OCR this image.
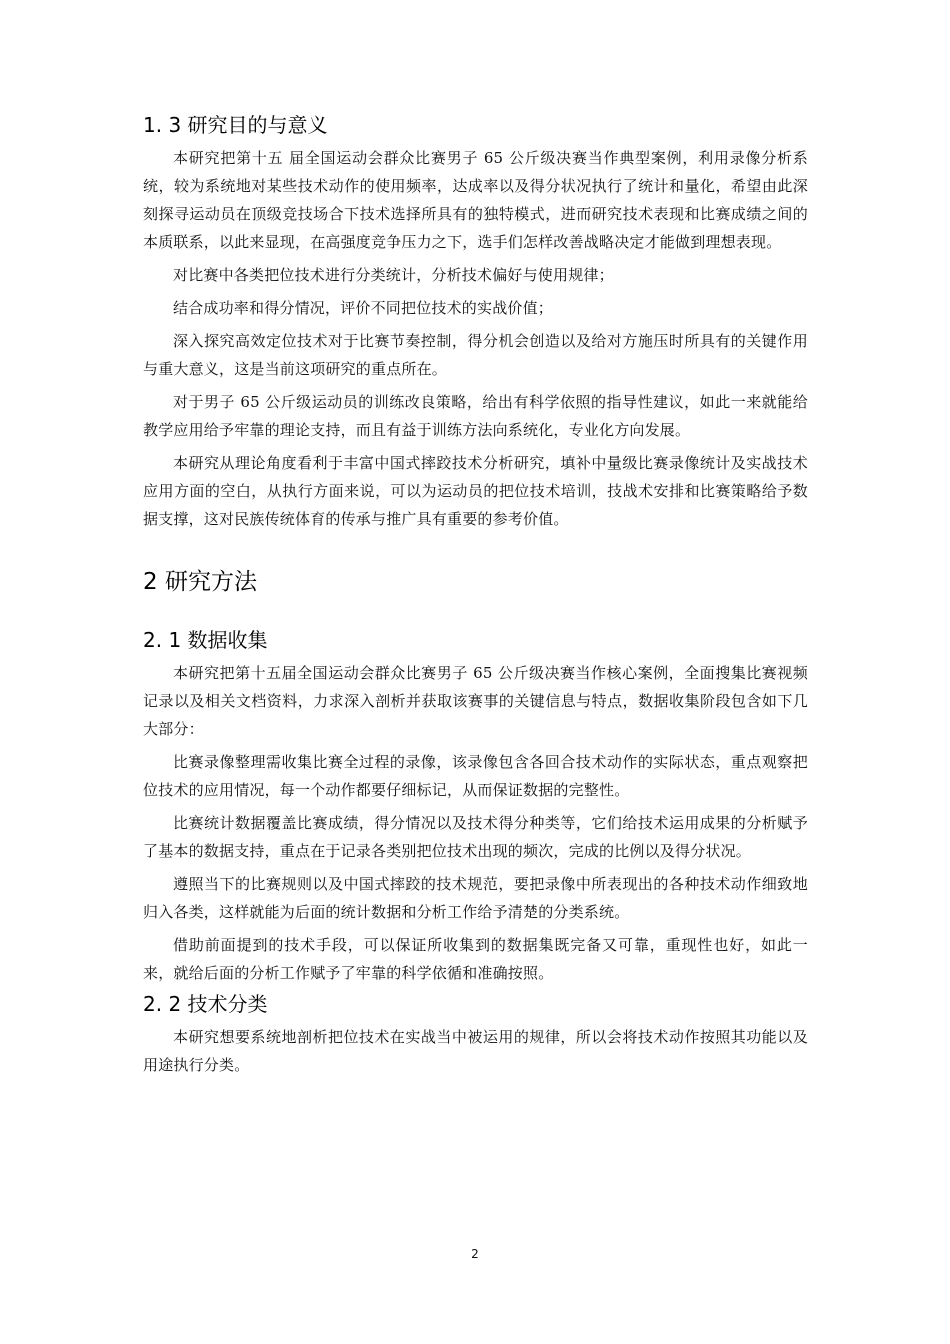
1. 3 研究目的与意义

本研究把第十五 届全国运动会群众比赛男子 65 公斤级决赛当作典型案例，利用录像分析系统，较为系统地对某些技术动作的使用频率，达成率以及得分状况执行了统计和量化，希望由此深刻探寻运动员在顶级竞技场合下技术选择所具有的独特模式，进而研究技术表现和比赛成绩之间的本质联系，以此来显现，在高强度竞争压力之下，选手们怎样改善战略决定才能做到理想表现。

对比赛中各类把位技术进行分类统计，分析技术偏好与使用规律；

结合成功率和得分情况，评价不同把位技术的实战价值；

深入探究高效定位技术对于比赛节奏控制，得分机会创造以及给对方施压时所具有的关键作用与重大意义，这是当前这项研究的重点所在。

对于男子 65 公斤级运动员的训练改良策略，给出有科学依照的指导性建议，如此一来就能给教学应用给予牢靠的理论支持，而且有益于训练方法向系统化，专业化方向发展。

本研究从理论角度看利于丰富中国式摔跤技术分析研究，填补中量级比赛录像统计及实战技术应用方面的空白，从执行方面来说，可以为运动员的把位技术培训，技战术安排和比赛策略给予数据支撑，这对民族传统体育的传承与推广具有重要的参考价值。

2 研究方法
2. 1 数据收集

本研究把第十五届全国运动会群众比赛男子 65 公斤级决赛当作核心案例，全面搜集比赛视频记录以及相关文档资料，力求深入剖析并获取该赛事的关键信息与特点，数据收集阶段包含如下几大部分：

比赛录像整理需收集比赛全过程的录像，该录像包含各回合技术动作的实际状态，重点观察把位技术的应用情况，每一个动作都要仔细标记，从而保证数据的完整性。

比赛统计数据覆盖比赛成绩，得分情况以及技术得分种类等，它们给技术运用成果的分析赋予了基本的数据支持，重点在于记录各类别把位技术出现的频次，完成的比例以及得分状况。

遵照当下的比赛规则以及中国式摔跤的技术规范，要把录像中所表现出的各种技术动作细致地归入各类，这样就能为后面的统计数据和分析工作给予清楚的分类系统。

借助前面提到的技术手段，可以保证所收集到的数据集既完备又可靠，重现性也好，如此一来，就给后面的分析工作赋予了牢靠的科学依循和准确按照。

2. 2 技术分类

本研究想要系统地剖析把位技术在实战当中被运用的规律，所以会将技术动作按照其功能以及用途执行分类。

2
